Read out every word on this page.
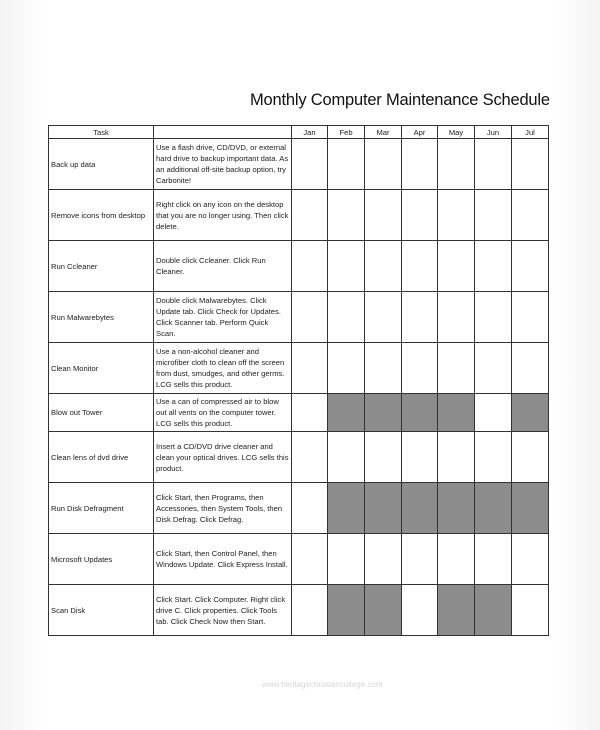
Monthly Computer Maintenance Schedule
Task		Jan	Feb	Mar	Apr	May	Jun	Jul
Back up data	Use a flash drive, CD/DVD, or external hard drive to backup important data. As an additional off-site backup option, try Carbonite!							
Remove icons from desktop	Right click on any icon on the desktop that you are no longer using. Then click delete.							
Run Ccleaner	Double click Ccleaner. Click Run Cleaner.							
Run Malwarebytes	Double click Malwarebytes. Click Update tab. Click Check for Updates. Click Scanner tab. Perform Quick Scan.							
Clean Monitor	Use a non-alcohol cleaner and microfiber cloth to clean off the screen from dust, smudges, and other germs. LCG sells this product.							
Blow out Tower	Use a can of compressed air to blow out all vents on the computer tower. LCG sells this product.							
Clean lens of dvd drive	Insert a CD/DVD drive cleaner and clean your optical drives. LCG sells this product.							
Run Disk Defragment	Click Start, then Programs, then Accessories, then System Tools, then Disk Defrag. Click Defrag.							
Microsoft Updates	Click Start, then Control Panel, then Windows Update. Click Express Install.							
Scan Disk	Click Start. Click Computer. Right click drive C. Click properties. Click Tools tab. Click Check Now then Start.							
www.heritagechristiancollege.com
